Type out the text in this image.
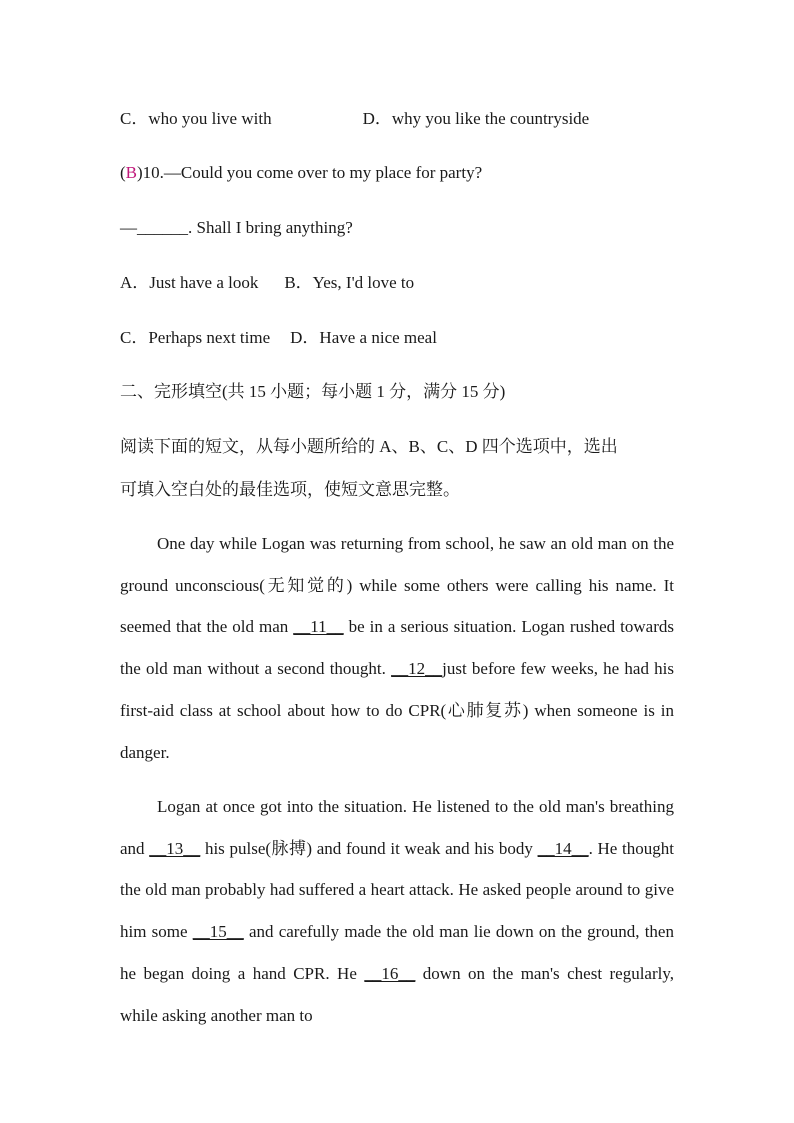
C．who you live with	D．why you like the countryside
(B)10.—Could you come over to my place for party?
—______. Shall I bring anything?
A．Just have a look B．Yes, I'd love to
C．Perhaps next time D．Have a nice meal
二、完形填空(共 15 小题；每小题 1 分，满分 15 分)
阅读下面的短文，从每小题所给的 A、B、C、D 四个选项中，选出
可填入空白处的最佳选项，使短文意思完整。

One day while Logan was returning from school, he saw an old man on the ground unconscious(无知觉的) while some others were calling his name. It seemed that the old man __11__ be in a serious situation. Logan rushed towards the old man without a second thought. __12__just before few weeks, he had his first-aid class at school about how to do CPR(心肺复苏) when someone is in danger.

Logan at once got into the situation. He listened to the old man's breathing and __13__ his pulse(脉搏) and found it weak and his body __14__. He thought the old man probably had suffered a heart attack. He asked people around to give him some __15__ and carefully made the old man lie down on the ground, then he began doing a hand CPR. He __16__ down on the man's chest regularly, while asking another man to
